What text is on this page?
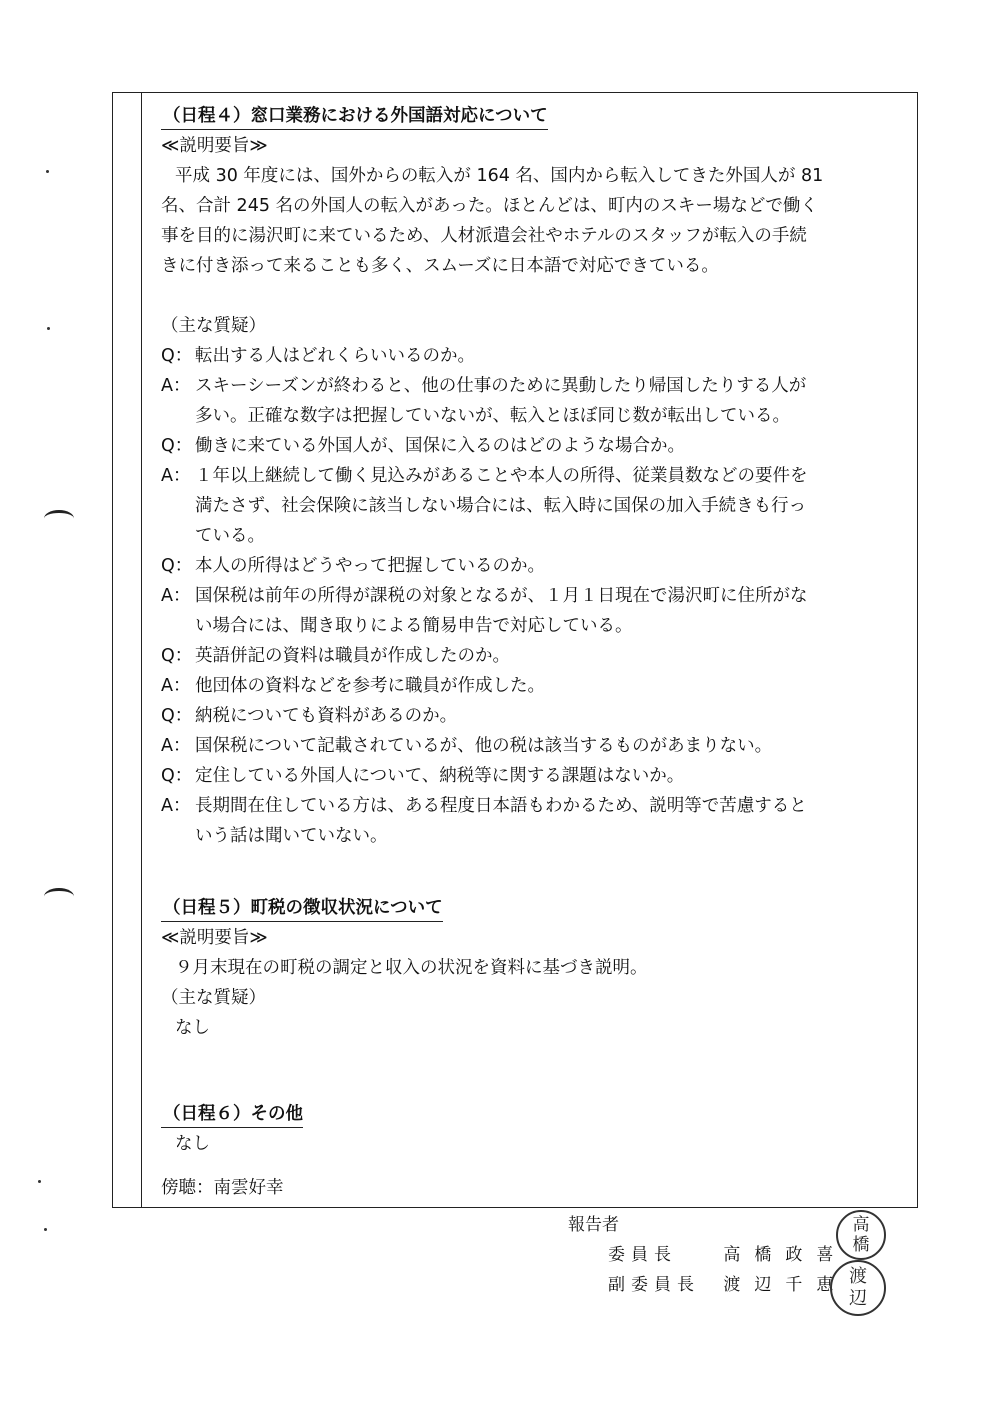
（日程４）窓口業務における外国語対応について
≪説明要旨≫
平成 30 年度には、国外からの転入が 164 名、国内から転入してきた外国人が 81
名、合計 245 名の外国人の転入があった。ほとんどは、町内のスキー場などで働く
事を目的に湯沢町に来ているため、人材派遣会社やホテルのスタッフが転入の手続
きに付き添って来ることも多く、スムーズに日本語で対応できている。
（主な質疑）
Q： 転出する人はどれくらいいるのか。
A： スキーシーズンが終わると、他の仕事のために異動したり帰国したりする人が
多い。正確な数字は把握していないが、転入とほぼ同じ数が転出している。
Q： 働きに来ている外国人が、国保に入るのはどのような場合か。
A： １年以上継続して働く見込みがあることや本人の所得、従業員数などの要件を
満たさず、社会保険に該当しない場合には、転入時に国保の加入手続きも行っ
ている。
Q： 本人の所得はどうやって把握しているのか。
A： 国保税は前年の所得が課税の対象となるが、１月１日現在で湯沢町に住所がな
い場合には、聞き取りによる簡易申告で対応している。
Q： 英語併記の資料は職員が作成したのか。
A： 他団体の資料などを参考に職員が作成した。
Q： 納税についても資料があるのか。
A： 国保税について記載されているが、他の税は該当するものがあまりない。
Q： 定住している外国人について、納税等に関する課題はないか。
A： 長期間在住している方は、ある程度日本語もわかるため、説明等で苦慮すると
いう話は聞いていない。
（日程５）町税の徴収状況について
≪説明要旨≫
９月末現在の町税の調定と収入の状況を資料に基づき説明。
（主な質疑）
なし
（日程６）その他
なし
傍聴：南雲好幸
報告者
委員長	高橋政喜
副委員長 渡辺千恵
高
橋
渡
辺
